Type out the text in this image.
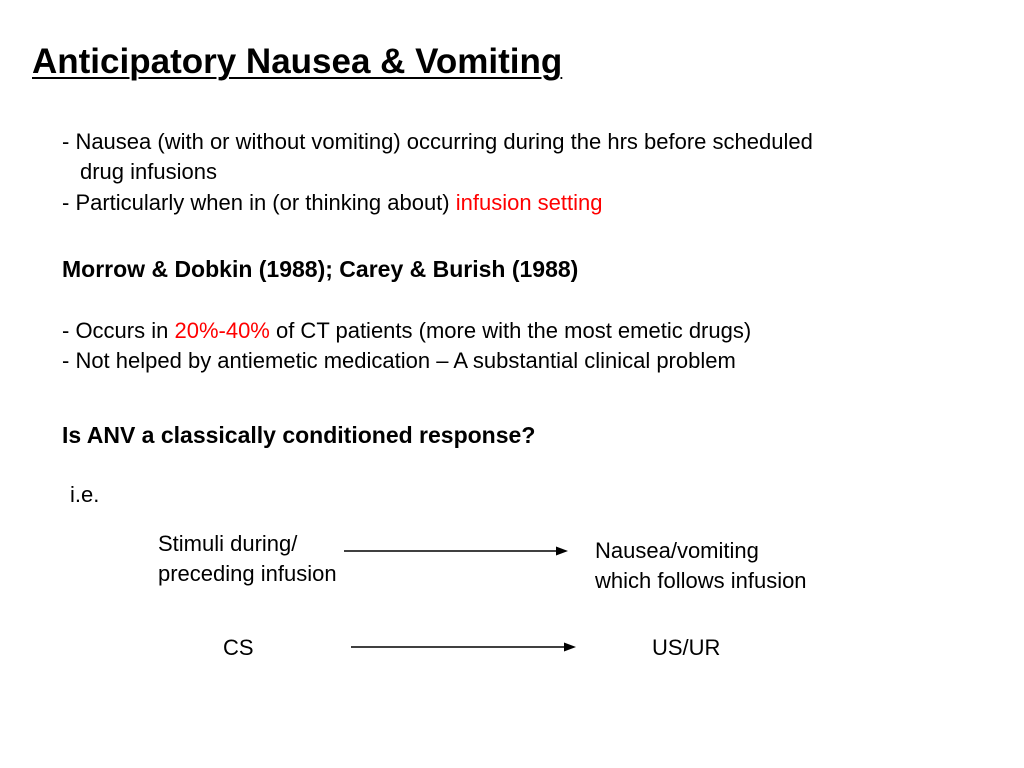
Anticipatory Nausea & Vomiting
- Nausea (with or without vomiting) occurring during the hrs before scheduled
drug infusions
- Particularly when in (or thinking about) infusion setting
Morrow & Dobkin (1988); Carey & Burish (1988)
- Occurs in 20%-40% of CT patients (more with the most emetic drugs)
- Not helped by antiemetic medication – A substantial clinical problem
Is ANV a classically conditioned response?
i.e.
Stimuli during/
preceding infusion
Nausea/vomiting
which follows infusion
CS	US/UR
